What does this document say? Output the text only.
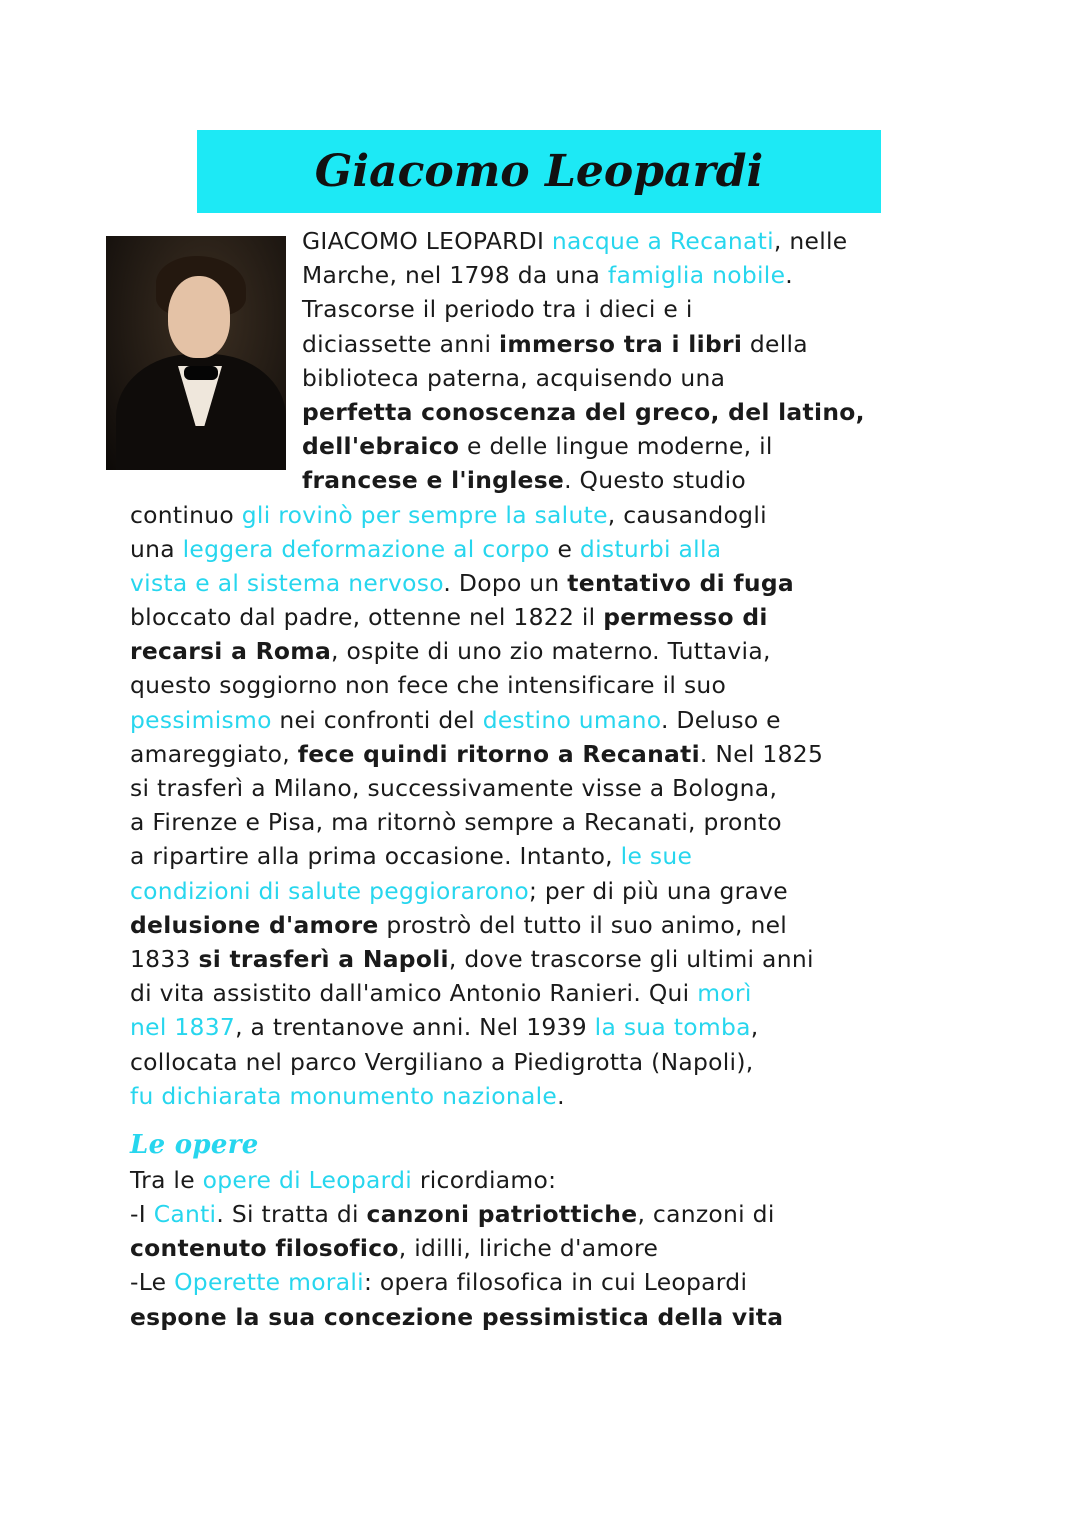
Giacomo Leopardi
GIACOMO LEOPARDI nacque a Recanati, nelle
Marche, nel 1798 da una famiglia nobile.
Trascorse il periodo tra i dieci e i
diciassette anni immerso tra i libri della
biblioteca paterna, acquisendo una
perfetta conoscenza del greco, del latino,
dell'ebraico e delle lingue moderne, il
francese e l'inglese. Questo studio
continuo gli rovinò per sempre la salute, causandogli
una leggera deformazione al corpo e disturbi alla
vista e al sistema nervoso. Dopo un tentativo di fuga
bloccato dal padre, ottenne nel 1822 il permesso di
recarsi a Roma, ospite di uno zio materno. Tuttavia,
questo soggiorno non fece che intensificare il suo
pessimismo nei confronti del destino umano. Deluso e
amareggiato, fece quindi ritorno a Recanati. Nel 1825
si trasferì a Milano, successivamente visse a Bologna,
a Firenze e Pisa, ma ritornò sempre a Recanati, pronto
a ripartire alla prima occasione. Intanto, le sue
condizioni di salute peggiorarono; per di più una grave
delusione d'amore prostrò del tutto il suo animo, nel
1833 si trasferì a Napoli, dove trascorse gli ultimi anni
di vita assistito dall'amico Antonio Ranieri. Qui morì
nel 1837, a trentanove anni. Nel 1939 la sua tomba,
collocata nel parco Vergiliano a Piedigrotta (Napoli),
fu dichiarata monumento nazionale.
Le opere
Tra le opere di Leopardi ricordiamo:
-I Canti. Si tratta di canzoni patriottiche, canzoni di
contenuto filosofico, idilli, liriche d'amore
-Le Operette morali: opera filosofica in cui Leopardi
espone la sua concezione pessimistica della vita
